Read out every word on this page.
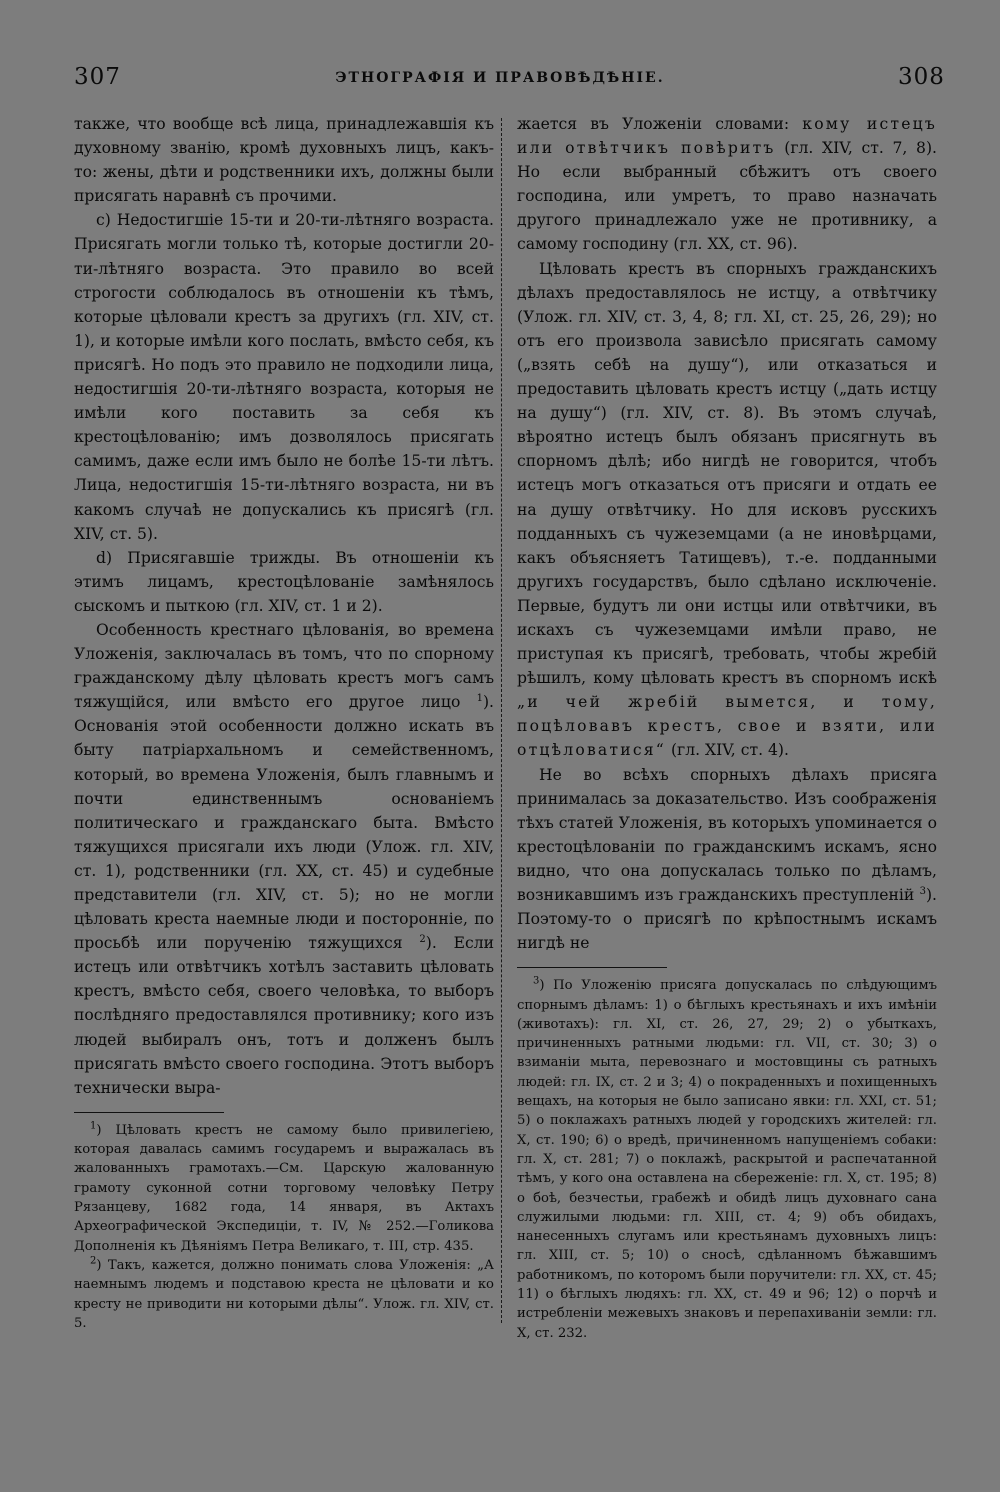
307	ЭТНОГРАФІЯ И ПРАВОВѢДѢНІЕ.	308

также, что вообще всѣ лица, принадлежавшія къ духовному званію, кромѣ духовныхъ лицъ, какъ-то: жены, дѣти и родственники ихъ, должны были присягать наравнѣ съ прочими.

c) Недостигшіе 15-ти и 20-ти-лѣтняго возраста. Присягать могли только тѣ, которые достигли 20-ти-лѣтняго возраста. Это правило во всей строгости соблюдалось въ отношеніи къ тѣмъ, которые цѣловали крестъ за другихъ (гл. XIV, ст. 1), и которые имѣли кого послать, вмѣсто себя, къ присягѣ. Но подъ это правило не подходили лица, недостигшія 20-ти-лѣтняго возраста, которыя не имѣли кого поставить за себя къ крестоцѣлованію; имъ дозволялось присягать самимъ, даже если имъ было не болѣе 15-ти лѣтъ. Лица, недостигшія 15-ти-лѣтняго возраста, ни въ какомъ случаѣ не допускались къ присягѣ (гл. XIV, ст. 5).

d) Присягавшіе трижды. Въ отношеніи къ этимъ лицамъ, крестоцѣлованіе замѣнялось сыскомъ и пыткою (гл. XIV, ст. 1 и 2).

Особенность крестнаго цѣлованія, во времена Уложенія, заключалась въ томъ, что по спорному гражданскому дѣлу цѣловать крестъ могъ самъ тяжущійся, или вмѣсто его другое лицо $^1$). Основанія этой особенности должно искать въ быту патріархальномъ и семейственномъ, который, во времена Уложенія, былъ главнымъ и почти единственнымъ основаніемъ политическаго и гражданскаго быта. Вмѣсто тяжущихся присягали ихъ люди (Улож. гл. XIV, ст. 1), родственники (гл. XX, ст. 45) и судебные представители (гл. XIV, ст. 5); но не могли цѣловать креста наемные люди и посторонніе, по просьбѣ или порученію тяжущихся $^2$). Если истецъ или отвѣтчикъ хотѣлъ заставить цѣловать крестъ, вмѣсто себя, своего человѣка, то выборъ послѣдняго предоставлялся противнику; кого изъ людей выбиралъ онъ, тотъ и долженъ былъ присягать вмѣсто своего господина. Этотъ выборъ технически выра-

$^1$) Цѣловать крестъ не самому было привилегіею, которая давалась самимъ государемъ и выражалась въ жалованныхъ грамотахъ.—См. Царскую жалованную грамоту суконной сотни торговому человѣку Петру Рязанцеву, 1682 года, 14 января, въ Актахъ Археографической Экспедиціи, т. IV, № 252.—Голикова Дополненія къ Дѣяніямъ Петра Великаго, т. III, стр. 435.

$^2$) Такъ, кажется, должно понимать слова Уложенія: „А наемнымъ людемъ и подставою креста не цѣловати и ко кресту не приводити ни которыми дѣлы“. Улож. гл. XIV, ст. 5.

жается въ Уложеніи словами: кому истецъ или отвѣтчикъ повѣритъ (гл. XIV, ст. 7, 8). Но если выбранный сбѣжитъ отъ своего господина, или умретъ, то право назначать другого принадлежало уже не противнику, а самому господину (гл. XX, ст. 96).

Цѣловать крестъ въ спорныхъ гражданскихъ дѣлахъ предоставлялось не истцу, а отвѣтчику (Улож. гл. XIV, ст. 3, 4, 8; гл. XI, ст. 25, 26, 29); но отъ его произвола зависѣло присягать самому („взять себѣ на душу“), или отказаться и предоставить цѣловать крестъ истцу („дать истцу на душу“) (гл. XIV, ст. 8). Въ этомъ случаѣ, вѣроятно истецъ былъ обязанъ присягнуть въ спорномъ дѣлѣ; ибо нигдѣ не говорится, чтобъ истецъ могъ отказаться отъ присяги и отдать ее на душу отвѣтчику. Но для исковъ русскихъ подданныхъ съ чужеземцами (а не иновѣрцами, какъ объясняетъ Татищевъ), т.-е. подданными другихъ государствъ, было сдѣлано исключеніе. Первые, будутъ ли они истцы или отвѣтчики, въ искахъ съ чужеземцами имѣли право, не приступая къ присягѣ, требовать, чтобы жребій рѣшилъ, кому цѣловать крестъ въ спорномъ искѣ „и чей жребій вымется, и тому, поцѣловавъ крестъ, свое и взяти, или отцѣловатися“ (гл. XIV, ст. 4).

Не во всѣхъ спорныхъ дѣлахъ присяга принималась за доказательство. Изъ соображенія тѣхъ статей Уложенія, въ которыхъ упоминается о крестоцѣлованіи по гражданскимъ искамъ, ясно видно, что она допускалась только по дѣламъ, возникавшимъ изъ гражданскихъ преступленій $^3$). Поэтому-то о присягѣ по крѣпостнымъ искамъ нигдѣ не

$^3$) По Уложенію присяга допускалась по слѣдующимъ спорнымъ дѣламъ: 1) о бѣглыхъ крестьянахъ и ихъ имѣніи (животахъ): гл. XI, ст. 26, 27, 29; 2) о убыткахъ, причиненныхъ ратными людьми: гл. VII, ст. 30; 3) о взиманіи мыта, перевознаго и мостовщины съ ратныхъ людей: гл. IX, ст. 2 и 3; 4) о покраденныхъ и похищенныхъ вещахъ, на которыя не было записано явки: гл. XXI, ст. 51; 5) о поклажахъ ратныхъ людей у городскихъ жителей: гл. X, ст. 190; 6) о вредѣ, причиненномъ напущеніемъ собаки: гл. X, ст. 281; 7) о поклажѣ, раскрытой и распечатанной тѣмъ, у кого она оставлена на сбереженіе: гл. X, ст. 195; 8) о боѣ, безчестьи, грабежѣ и обидѣ лицъ духовнаго сана служилыми людьми: гл. XIII, ст. 4; 9) объ обидахъ, нанесенныхъ слугамъ или крестьянамъ духовныхъ лицъ: гл. XIII, ст. 5; 10) о сносѣ, сдѣланномъ бѣжавшимъ работникомъ, по которомъ были поручители: гл. XX, ст. 45; 11) о бѣглыхъ людяхъ: гл. XX, ст. 49 и 96; 12) о порчѣ и истребленіи межевыхъ знаковъ и перепахиваніи земли: гл. X, ст. 232.
